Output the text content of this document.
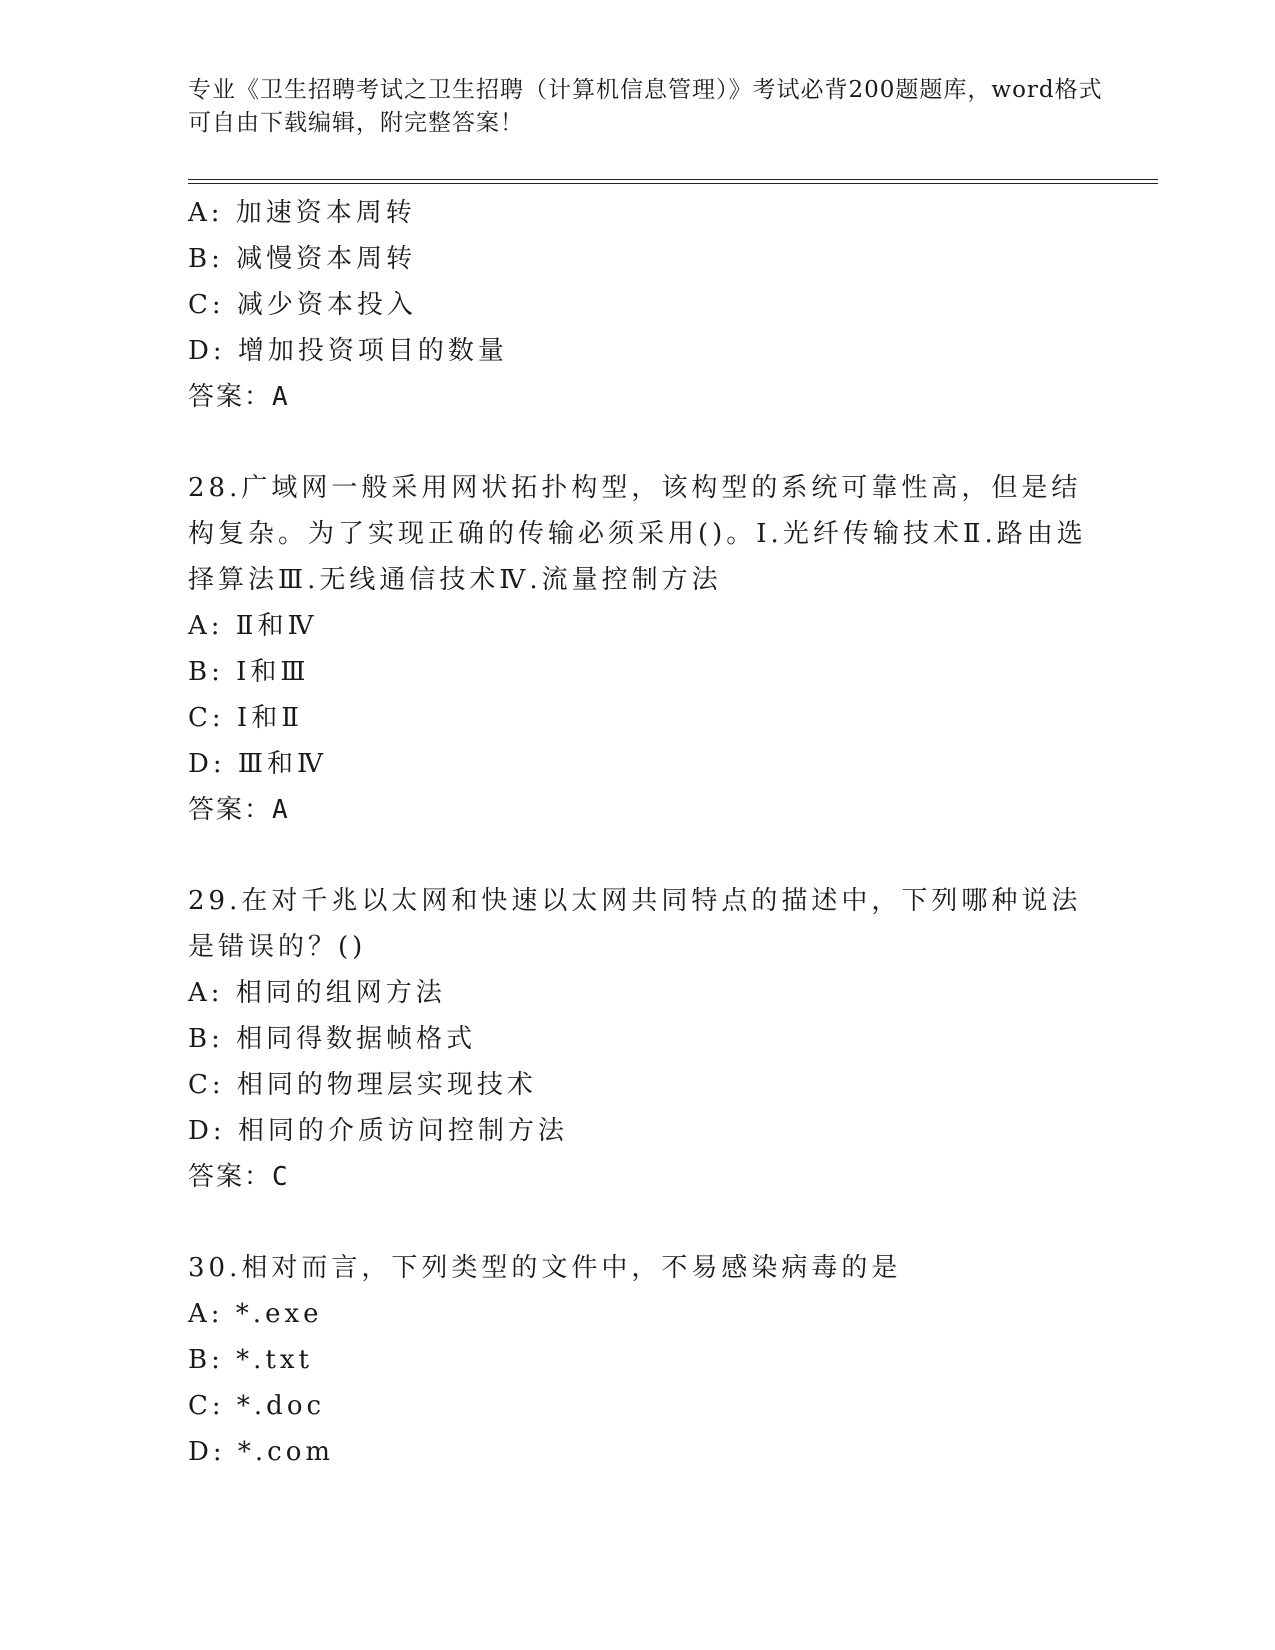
专业《卫生招聘考试之卫生招聘（计算机信息管理）》考试必背200题题库，word格式可自由下载编辑，附完整答案！
A: 加速资本周转
B: 减慢资本周转
C: 减少资本投入
D: 增加投资项目的数量
答案：A
28.广域网一般采用网状拓扑构型，该构型的系统可靠性高，但是结构复杂。为了实现正确的传输必须采用()。Ⅰ.光纤传输技术Ⅱ.路由选择算法Ⅲ.无线通信技术Ⅳ.流量控制方法
A: Ⅱ和Ⅳ
B: Ⅰ和Ⅲ
C: Ⅰ和Ⅱ
D: Ⅲ和Ⅳ
答案：A
29.在对千兆以太网和快速以太网共同特点的描述中，下列哪种说法是错误的？()
A: 相同的组网方法
B: 相同得数据帧格式
C: 相同的物理层实现技术
D: 相同的介质访问控制方法
答案：C
30.相对而言，下列类型的文件中，不易感染病毒的是
A: *.exe
B: *.txt
C: *.doc
D: *.com
